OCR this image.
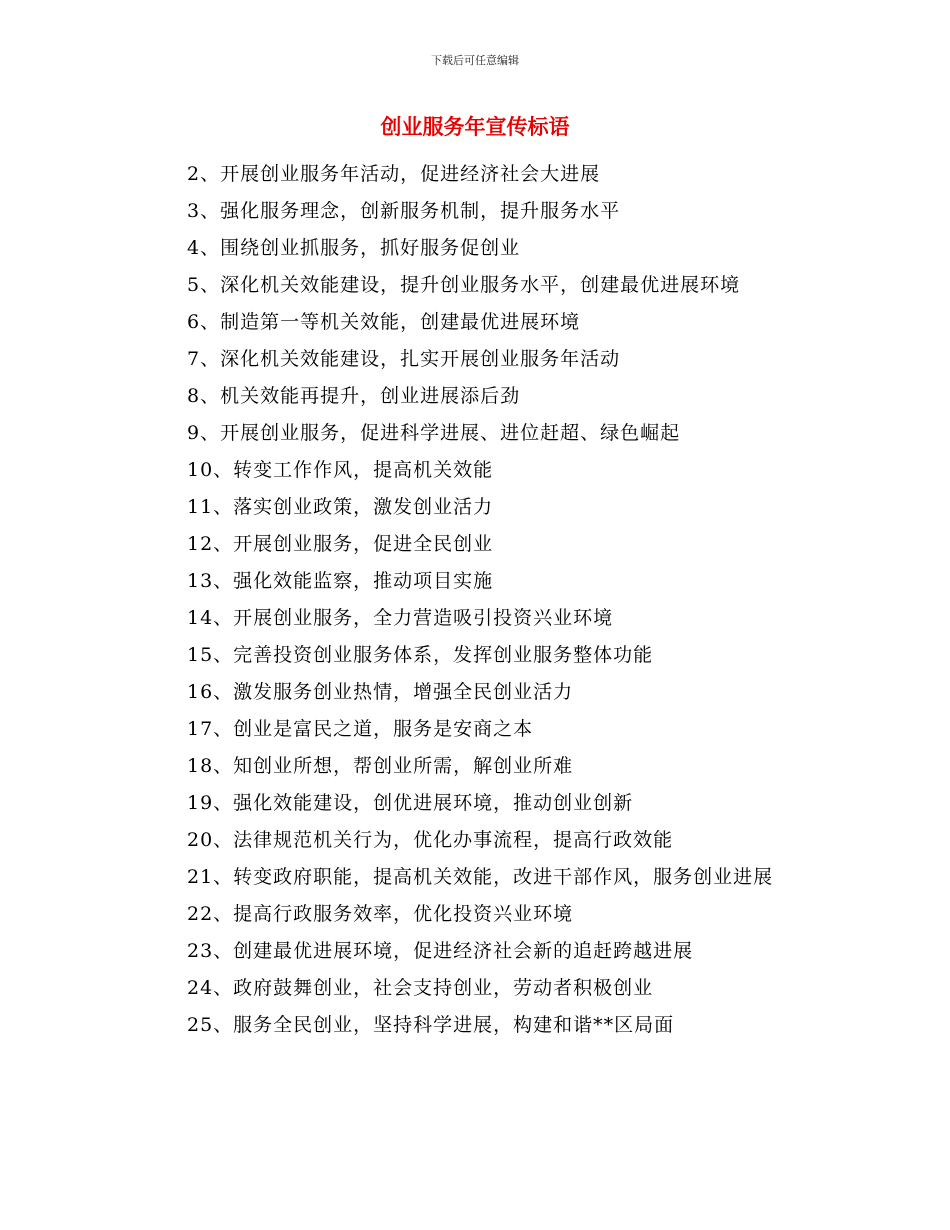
下载后可任意编辑
创业服务年宣传标语
2、开展创业服务年活动，促进经济社会大进展
3、强化服务理念，创新服务机制，提升服务水平
4、围绕创业抓服务，抓好服务促创业
5、深化机关效能建设，提升创业服务水平，创建最优进展环境
6、制造第一等机关效能，创建最优进展环境
7、深化机关效能建设，扎实开展创业服务年活动
8、机关效能再提升，创业进展添后劲
9、开展创业服务，促进科学进展、进位赶超、绿色崛起
10、转变工作作风，提高机关效能
11、落实创业政策，激发创业活力
12、开展创业服务，促进全民创业
13、强化效能监察，推动项目实施
14、开展创业服务，全力营造吸引投资兴业环境
15、完善投资创业服务体系，发挥创业服务整体功能
16、激发服务创业热情，增强全民创业活力
17、创业是富民之道，服务是安商之本
18、知创业所想，帮创业所需，解创业所难
19、强化效能建设，创优进展环境，推动创业创新
20、法律规范机关行为，优化办事流程，提高行政效能
21、转变政府职能，提高机关效能，改进干部作风，服务创业进展
22、提高行政服务效率，优化投资兴业环境
23、创建最优进展环境，促进经济社会新的追赶跨越进展
24、政府鼓舞创业，社会支持创业，劳动者积极创业
25、服务全民创业，坚持科学进展，构建和谐**区局面
